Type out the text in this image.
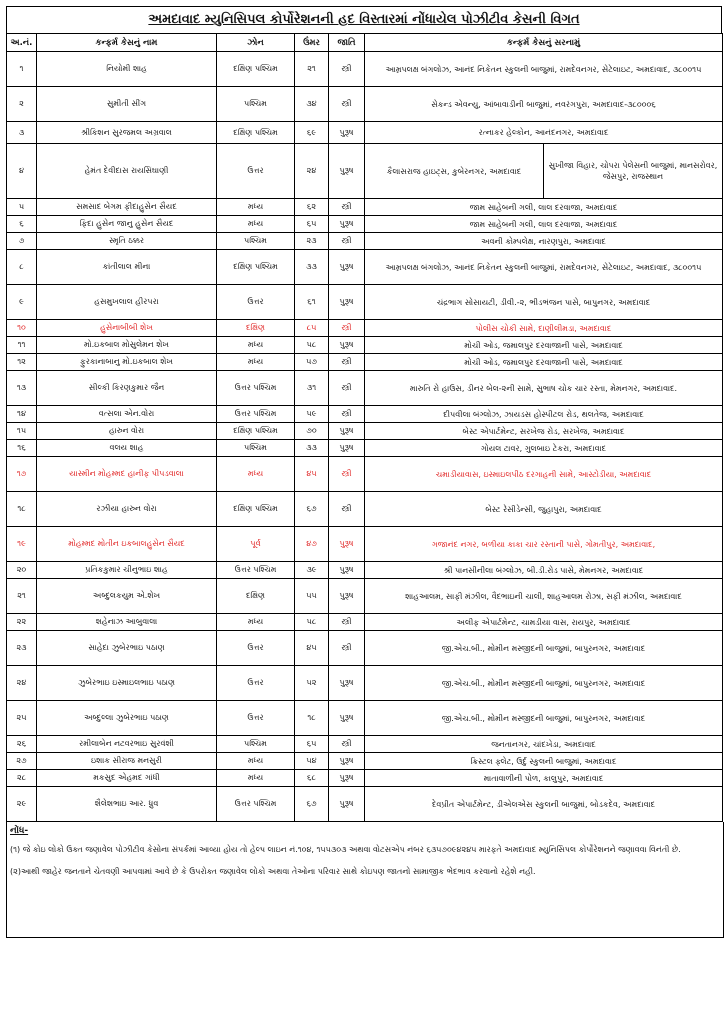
અમદાવાદ મ્યુનિસિપલ કોર્પોરેશનની હદ વિસ્તારમાં નોંધાયેલ પોઝીટીવ કેસની વિગત
અ.નં.	કન્ફર્મ કેસનું નામ	ઝોન	ઉંમર	જાતિ	કન્ફર્મ કેસનું સરનામું
૧	નિયોમી શાહ	દક્ષિણ પશ્ચિમ	૨૧	સ્ત્રી	આમ્રપલક્ષ બંગલોઝ, આનંદ નિકેતન સ્કુલની બાજુમાં, રામદેવનગર, સેટેલાઇટ, અમદાવાદ, ૩૮૦૦૧૫
૨	સુમીતી સીંગ	પશ્ચિમ	૩૪	સ્ત્રી	સેકન્ડ એવન્યુ, આંબાવાડીની બાજુમાં, નવરંગપુરા, અમદાવાદ-૩૮૦૦૦૬
૩	શ્રીકિશન સુરજમલ અગ્રવાલ	દક્ષિણ પશ્ચિમ	૬૯	પુરૂષ	રત્નાકર હેલ્કોન, આનંદનગર, અમદાવાદ
૪	હેમંત દેવીદાસ રાયસિંઘાણી	ઉત્તર	૨૪	પુરૂષ	કૈલાસરાજ હાઇટ્સ, કુબેરનગર, અમદાવાદ
સુખીજા વિહાર, ચોપરા પેલેસની બાજુમાં, માનસરોવર, જેસપુર, રાજસ્થાન

૫	સમસાદ બેગમ ફીદાહુસેન સૈયદ	મધ્ય	૬૨	સ્ત્રી	જામ સાહેબની ગલી, લાલ દરવાજા, અમદાવાદ
૬	ફિદા હુસેન જાનુ હુસેન સૈયદ	મધ્ય	૬૫	પુરૂષ	જામ સાહેબની ગલી, લાલ દરવાજા, અમદાવાદ
૭	સ્મૃતિ ઠક્કર	પશ્ચિમ	૨૩	સ્ત્રી	અવની કોમ્પલેક્ષ, નારણપુરા, અમદાવાદ
૮	કાંતીલાલ મીના	દક્ષિણ પશ્ચિમ	૩૩	પુરૂષ	આમ્રપલક્ષ બંગલોઝ, આનંદ નિકેતન સ્કુલની બાજુમાં, રામદેવનગર, સેટેલાઇટ, અમદાવાદ, ૩૮૦૦૧૫
૯	હસમુખલાલ હીરપરા	ઉત્તર	૬૧	પુરૂષ	ચંદ્રભાગ સોસાયટી, ડીવી.-૨, ભીડભંજન પાસે, બાપુનગર, અમદાવાદ
૧૦	હુસેનાબીબી શેખ	દક્ષિણ	૮૫	સ્ત્રી	પોલીસ ચોકી સામે, દાણીલીમડા, અમદાવાદ
૧૧	મો.ઇકબાલ મોસુલેમન શેખ	મધ્ય	૫૮	પુરૂષ	મોચી ઓડ, જમાલપુર દરવાજાની પાસે, અમદાવાદ
૧૨	ફુરકાનાબાનુ મો.ઇકબાલ શેખ	મધ્ય	૫૭	સ્ત્રી	મોચી ઓડ, જમાલપુર દરવાજાની પાસે, અમદાવાદ
૧૩	સીલ્કી કિરણકુમાર જૈન	ઉત્તર પશ્ચિમ	૩૧	સ્ત્રી	મારુતિ રો હાઉસ, ડીનર બેલ-૨ની સામે, સુભાષ ચોક ચાર રસ્તા, મેમનગર, અમદાવાદ.
૧૪	વત્સલા એન.વોરા	ઉત્તર પશ્ચિમ	૫૯	સ્ત્રી	દીપવીલા બંગ્લોઝ, ઝાયડસ હોસ્પીટલ રોડ, થલતેજ, અમદાવાદ
૧૫	હારુન વોરા	દક્ષિણ પશ્ચિમ	૭૦	પુરૂષ	બેસ્ટ એપાર્ટમેન્ટ, સરખેજ રોડ, સરખેજ, અમદાવાદ
૧૬	વલય શાહ	પશ્ચિમ	૩૩	પુરૂષ	ગોયલ ટાવર, ગુલબાઇ ટેકરા, અમદાવાદ
૧૭	યાસ્મીન મોહમ્મદ હાનીફ પીપડવાલા	મધ્ય	૪૫	સ્ત્રી	ચમાડીયાવાસ, ઇસ્માઇલપીઠ દરગાહની સામે, આસ્ટોડીયા, અમદાવાદ
૧૮	રઝીયા હારુન વોરા	દક્ષિણ પશ્ચિમ	૬૭	સ્ત્રી	બેસ્ટ રેસીડેન્સી, જુહાપુરા, અમદાવાદ
૧૯	મોહમ્મદ મોતીન ઇકબાલહુસેન સૈયદ	પૂર્વ	૪૭	પુરૂષ	ગજાનંદ નગર, બળીયા કાકા ચાર રસ્તાની પાસે, ગોમતીપુર, અમદાવાદ,
૨૦	પ્રતિકકુમાર ચીનુભાઇ શાહ	ઉત્તર પશ્ચિમ	૩૯	પુરૂષ	શ્રી પાનસીનીલા બંગ્લોઝ, બી.ડી.રોડ પાસે, મેમનગર, અમદાવાદ
૨૧	અબ્દુલકયુમ એ.શેખ	દક્ષિણ	૫૫	પુરૂષ	શાહઆલમ, સાફી મંઝીલ, વૈદભાઇની ચાલી, શાહઆલમ રોઝા, સફી મંઝીલ, અમદાવાદ
૨૨	શહેનાઝ આબુવાલા	મધ્ય	૫૮	સ્ત્રી	અલીફ એપાર્ટમેન્ટ, ચામડીયા વાસ, રાયપુર, અમદાવાદ
૨૩	સાહેદા ઝુબેરભાઇ પઠાણ	ઉત્તર	૪૫	સ્ત્રી	જી.એચ.બી., મોમીન મસ્જીદની બાજુમાં, બાપુરનગર, અમદાવાદ
૨૪	ઝુબેરભાઇ ઇસ્માઇલભાઇ પઠાણ	ઉત્તર	૫૨	પુરૂષ	જી.એચ.બી., મોમીન મસ્જીદની બાજુમાં, બાપુરનગર, અમદાવાદ
૨૫	અબ્દુલ્લા ઝુબેરભાઇ પઠાણ	ઉત્તર	૧૮	પુરૂષ	જી.એચ.બી., મોમીન મસ્જીદની બાજુમાં, બાપુરનગર, અમદાવાદ
૨૬	રમીલાબેન નટવરભાઇ સુરવંશી	પશ્ચિમ	૬૫	સ્ત્રી	જનતાનગર, ચાંદખેડા, અમદાવાદ
૨૭	ઇશાક સીરાજ મનસુરી	મધ્ય	૫૪	પુરૂષ	ક્રિસ્ટલ ફ્લેટ, ઉર્દુ સ્કુલની બાજુમાં, અમદાવાદ
૨૮	મકસુદ એહમદ ગાંધી	મધ્ય	૬૮	પુરૂષ	માતાવાળીની પોળ, કાલુપુર, અમદાવાદ
૨૯	શૈલેશભાઇ આર. ધ્રુવ	ઉત્તર પશ્ચિમ	૬૭	પુરૂષ	દેવપ્રીત એપાર્ટમેન્ટ, ડીએલએસ સ્કુલની બાજુમાં, બોડકદેવ, અમદાવાદ
નોંધ-

(૧) જે કોઇ લોકો ઉક્ત જણાવેલ પોઝીટીવ કેસોના સંપર્કમાં આવ્યા હોય તો હેલ્પ લાઇન નં.૧૦૪, ૧૫૫૩૦૩ અથવા વોટસએપ નંબર ૬૩૫૭૦૯૪૨૪૫ મારફતે અમદાવાદ મ્યુનિસિપલ કોર્પોરેશનને જણાવવા વિનંતી છે.

(૨)આથી જાહેર જનતાને ચેતવણી આપવામાં આવે છે કે ઉપરોક્ત જણાવેલ લોકો અથવા તેઓના પરિવાર સાથે કોઇપણ જાતનો સામાજીક ભેદભાવ કરવાનો રહેશે નહી.
